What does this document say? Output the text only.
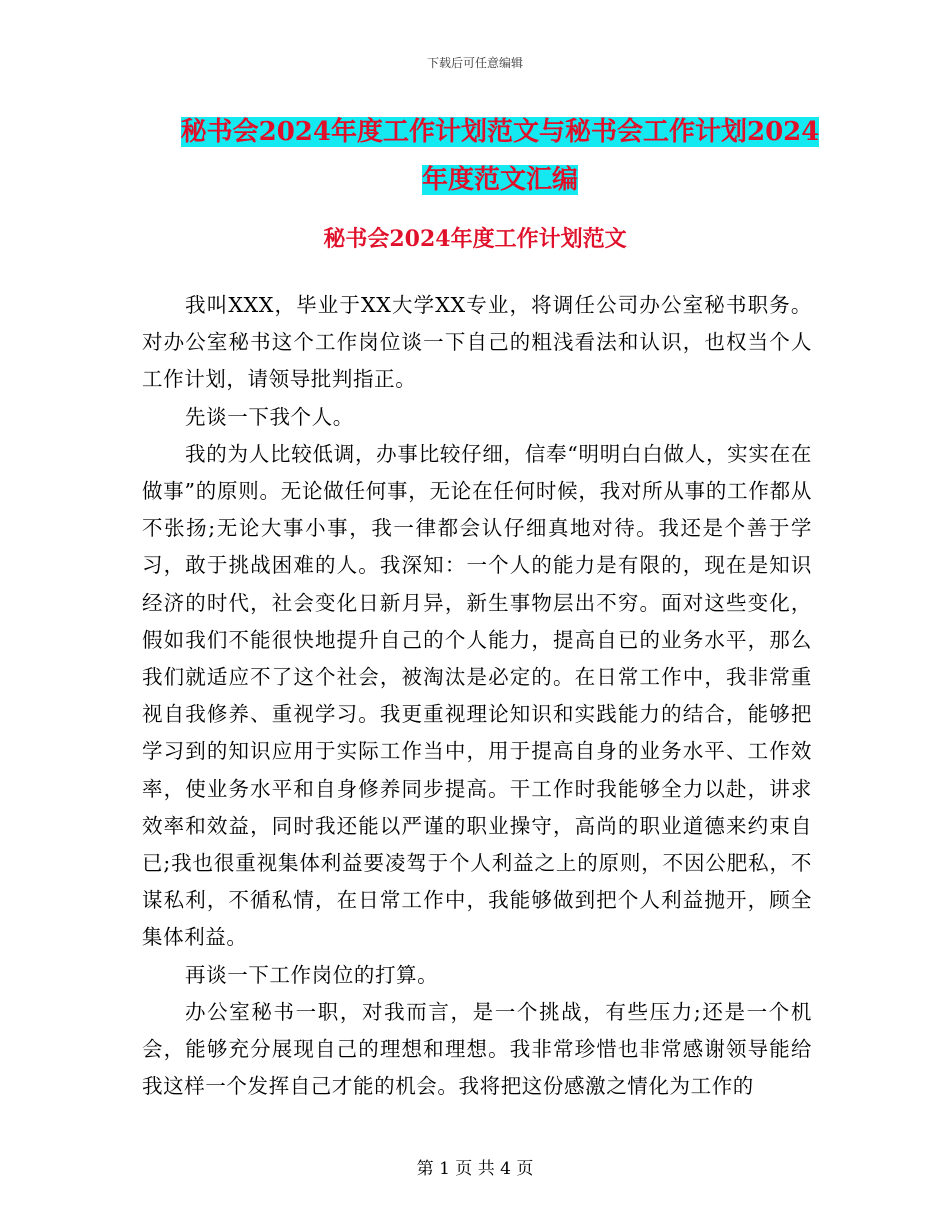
下载后可任意编辑
秘书会2024年度工作计划范文与秘书会工作计划2024
年度范文汇编
秘书会2024年度工作计划范文

我叫XXX，毕业于XX大学XX专业，将调任公司办公室秘书职务。对办公室秘书这个工作岗位谈一下自己的粗浅看法和认识，也权当个人工作计划，请领导批判指正。

先谈一下我个人。

我的为人比较低调，办事比较仔细，信奉“明明白白做人，实实在在做事”的原则。无论做任何事，无论在任何时候，我对所从事的工作都从不张扬;无论大事小事，我一律都会认仔细真地对待。我还是个善于学习，敢于挑战困难的人。我深知：一个人的能力是有限的，现在是知识经济的时代，社会变化日新月异，新生事物层出不穷。面对这些变化，假如我们不能很快地提升自己的个人能力，提高自已的业务水平，那么我们就适应不了这个社会，被淘汰是必定的。在日常工作中，我非常重视自我修养、重视学习。我更重视理论知识和实践能力的结合，能够把学习到的知识应用于实际工作当中，用于提高自身的业务水平、工作效率，使业务水平和自身修养同步提高。干工作时我能够全力以赴，讲求效率和效益，同时我还能以严谨的职业操守，高尚的职业道德来约束自已;我也很重视集体利益要凌驾于个人利益之上的原则，不因公肥私，不谋私利，不循私情，在日常工作中，我能够做到把个人利益抛开，顾全集体利益。

再谈一下工作岗位的打算。

办公室秘书一职，对我而言，是一个挑战，有些压力;还是一个机会，能够充分展现自己的理想和理想。我非常珍惜也非常感谢领导能给我这样一个发挥自己才能的机会。我将把这份感激之情化为工作的

第 1 页 共 4 页
